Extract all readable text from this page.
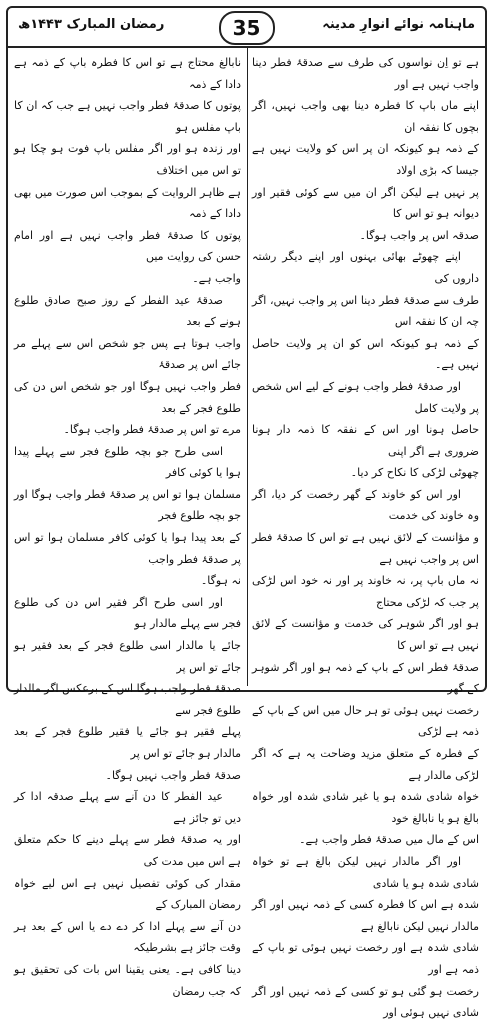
ماہنامہ نوائے انوارِ مدینہ
35
رمضان المبارک ۱۴۴۳ھ

ہے تو اِن نواسوں کی طرف سے صدقۂ فطر دینا واجب نہیں ہے اور

اپنے ماں باپ کا فطرہ دینا بھی واجب نہیں، اگر بچوں کا نفقہ ان

کے ذمہ ہو کیونکہ ان پر اس کو ولایت نہیں ہے جیسا کہ بڑی اولاد

پر نہیں ہے لیکن اگر ان میں سے کوئی فقیر اور دیوانہ ہو تو اس کا

صدقہ اس پر واجب ہوگا۔

اپنے چھوٹے بھائی بہنوں اور اپنے دیگر رشتہ داروں کی

طرف سے صدقۂ فطر دینا اس پر واجب نہیں، اگر چہ ان کا نفقہ اس

کے ذمہ ہو کیونکہ اس کو ان پر ولایت حاصل نہیں ہے۔

اور صدقۂ فطر واجب ہونے کے لیے اس شخص پر ولایت کامل

حاصل ہونا اور اس کے نفقہ کا ذمہ دار ہونا ضروری ہے اگر اپنی

چھوٹی لڑکی کا نکاح کر دیا۔

اور اس کو خاوند کے گھر رخصت کر دیا، اگر وہ خاوند کی خدمت

و مؤانست کے لائق نہیں ہے تو اس کا صدقۂ فطر اس پر واجب نہیں ہے

نہ ماں باپ پر، نہ خاوند پر اور نہ خود اس لڑکی پر جب کہ لڑکی محتاج

ہو اور اگر شوہر کی خدمت و مؤانست کے لائق نہیں ہے تو اس کا

صدقۂ فطر اس کے باپ کے ذمہ ہو اور اگر شوہر کے گھر

رخصت نہیں ہوئی تو ہر حال میں اس کے باپ کے ذمہ ہے لڑکی

کے فطرہ کے متعلق مزید وضاحت یہ ہے کہ اگر لڑکی مالدار ہے

خواہ شادی شدہ ہو یا غیر شادی شدہ اور خواہ بالغ ہو یا نابالغ خود

اس کے مال میں صدقۂ فطر واجب ہے۔

اور اگر مالدار نہیں لیکن بالغ ہے تو خواہ شادی شدہ ہو یا شادی

شدہ ہے اس کا فطرہ کسی کے ذمہ نہیں اور اگر مالدار نہیں لیکن نابالغ ہے

شادی شدہ ہے اور رخصت نہیں ہوئی تو باپ کے ذمہ ہے اور

رخصت ہو گئی ہو تو کسی کے ذمہ نہیں اور اگر شادی نہیں ہوئی اور

نابالغ محتاج ہے تو اس کا فطرہ باپ کے ذمہ ہے دادا کے ذمہ

پوتوں کا صدقۂ فطر واجب نہیں ہے جب کہ ان کا باپ مفلس ہو

اور زندہ ہو اور اگر مفلس باپ فوت ہو چکا ہو تو اس میں اختلاف

ہے ظاہر الروایت کے بموجب اس صورت میں بھی دادا کے ذمہ

پوتوں کا صدقۂ فطر واجب نہیں ہے اور امام حسن کی روایت میں

واجب ہے۔

صدقۂ عید الفطر کے روز صبح صادق طلوع ہونے کے بعد

واجب ہوتا ہے پس جو شخص اس سے پہلے مر جائے اس پر صدقۂ

فطر واجب نہیں ہوگا اور جو شخص اس دن کی طلوع فجر کے بعد

مرے تو اس پر صدقۂ فطر واجب ہوگا۔

اسی طرح جو بچہ طلوع فجر سے پہلے پیدا ہوا یا کوئی کافر

مسلمان ہوا تو اس پر صدقۂ فطر واجب ہوگا اور جو بچہ طلوع فجر

کے بعد پیدا ہوا یا کوئی کافر مسلمان ہوا تو اس پر صدقۂ فطر واجب

نہ ہوگا۔

اور اسی طرح اگر فقیر اس دن کی طلوع فجر سے پہلے مالدار ہو

جائے یا مالدار اسی طلوع فجر کے بعد فقیر ہو جائے تو اس پر

صدقۂ فطر واجب ہوگا اس کے برعکس اگر مالدار طلوع فجر سے

پہلے فقیر ہو جائے یا فقیر طلوع فجر کے بعد مالدار ہو جائے تو اس پر

صدقۂ فطر واجب نہیں ہوگا۔

عید الفطر کا دن آنے سے پہلے صدقہ ادا کر دیں تو جائز ہے

اور یہ صدقۂ فطر سے پہلے دینے کا حکم متعلق ہے اس میں مدت کی

مقدار کی کوئی تفصیل نہیں ہے اس لیے خواہ رمضان المبارک کے

دن آنے سے پہلے ادا کر دے دے یا اس کے بعد ہر وقت جائز ہے بشرطیکہ

دینا کافی ہے۔ یعنی یقینا اس بات کی تحقیق ہو کہ جب رمضان
